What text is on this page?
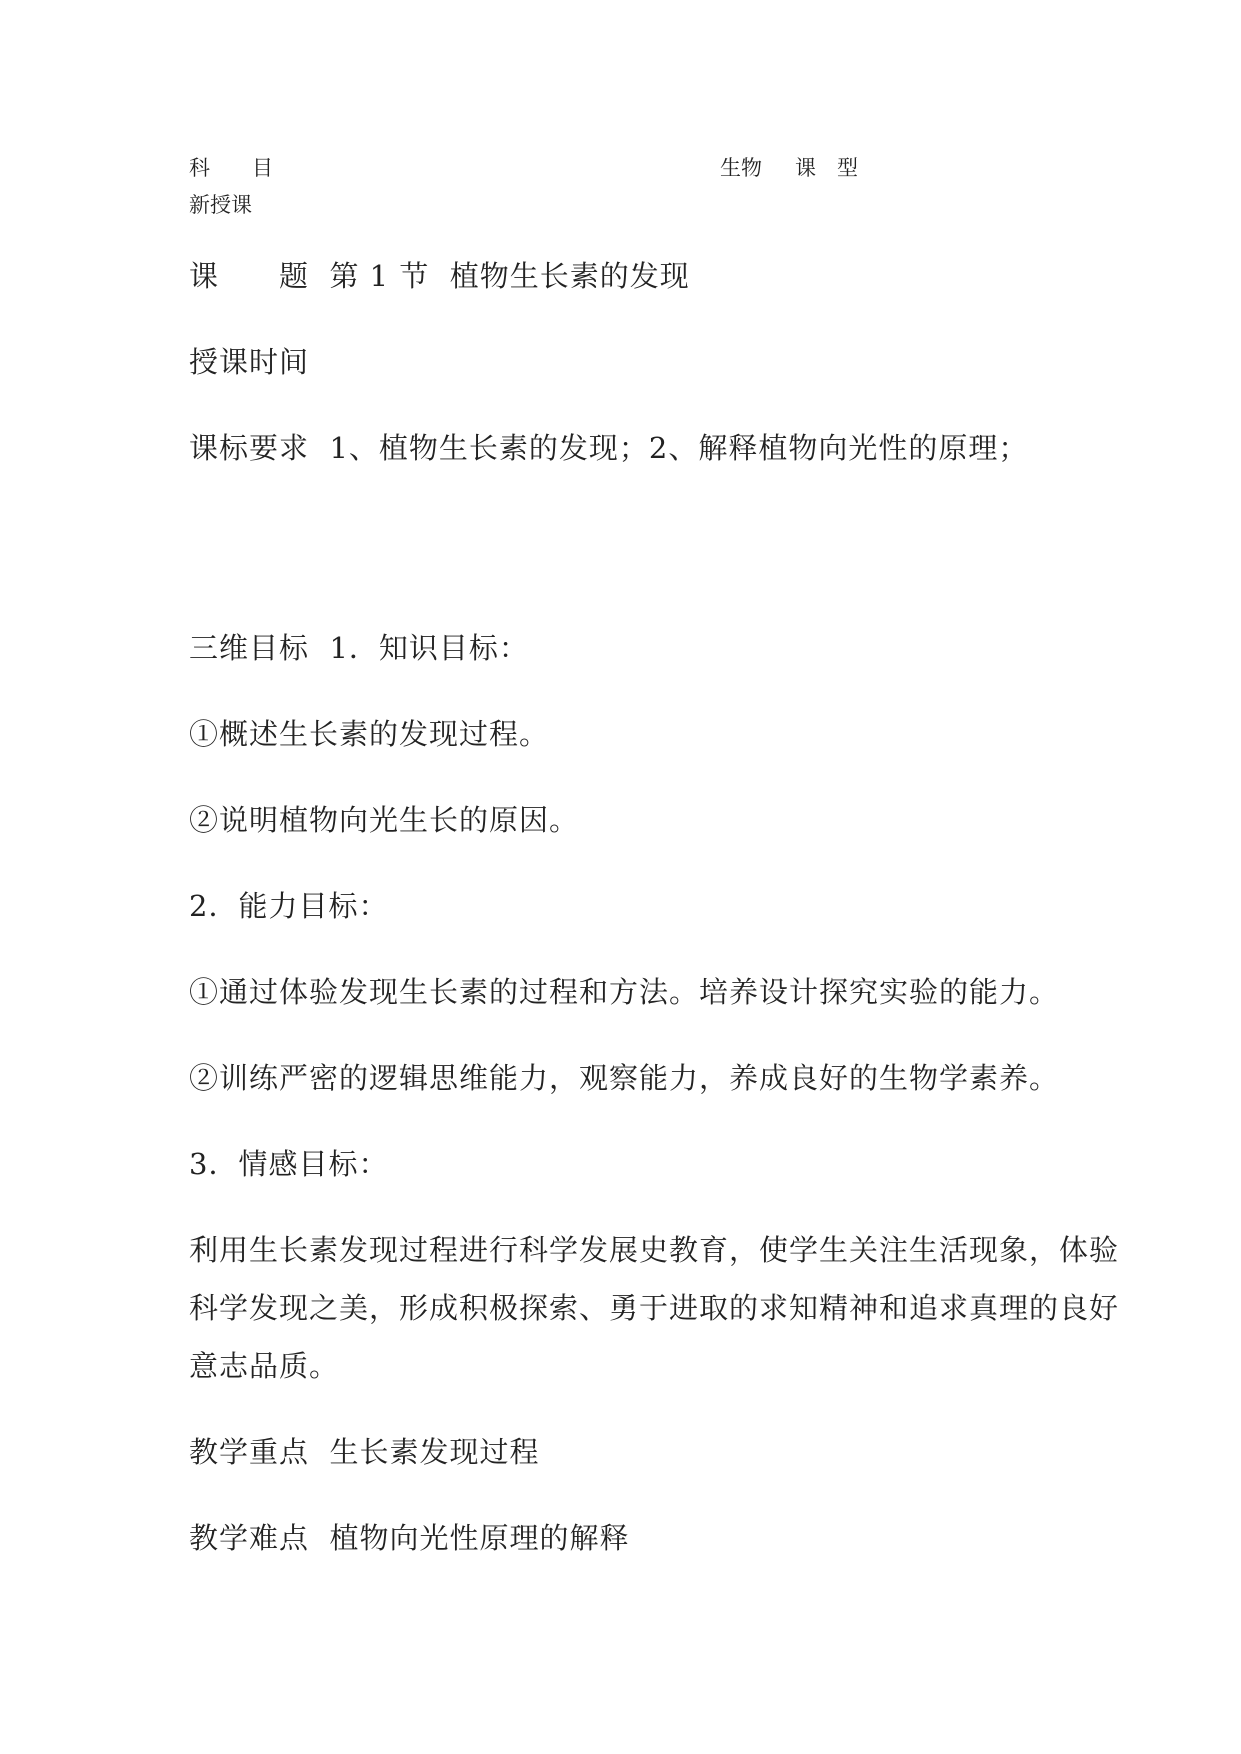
科　　目	生物 课　型
新授课
课　　题 第 1 节  植物生长素的发现
授课时间
课标要求 1、植物生长素的发现；2、解释植物向光性的原理；
三维目标 1．知识目标：
①概述生长素的发现过程。
②说明植物向光生长的原因。
2．能力目标：
①通过体验发现生长素的过程和方法。培养设计探究实验的能力。
②训练严密的逻辑思维能力，观察能力，养成良好的生物学素养。
3．情感目标：
利用生长素发现过程进行科学发展史教育，使学生关注生活现象，体验
科学发现之美，形成积极探索、勇于进取的求知精神和追求真理的良好
意志品质。
教学重点 生长素发现过程
教学难点 植物向光性原理的解释
